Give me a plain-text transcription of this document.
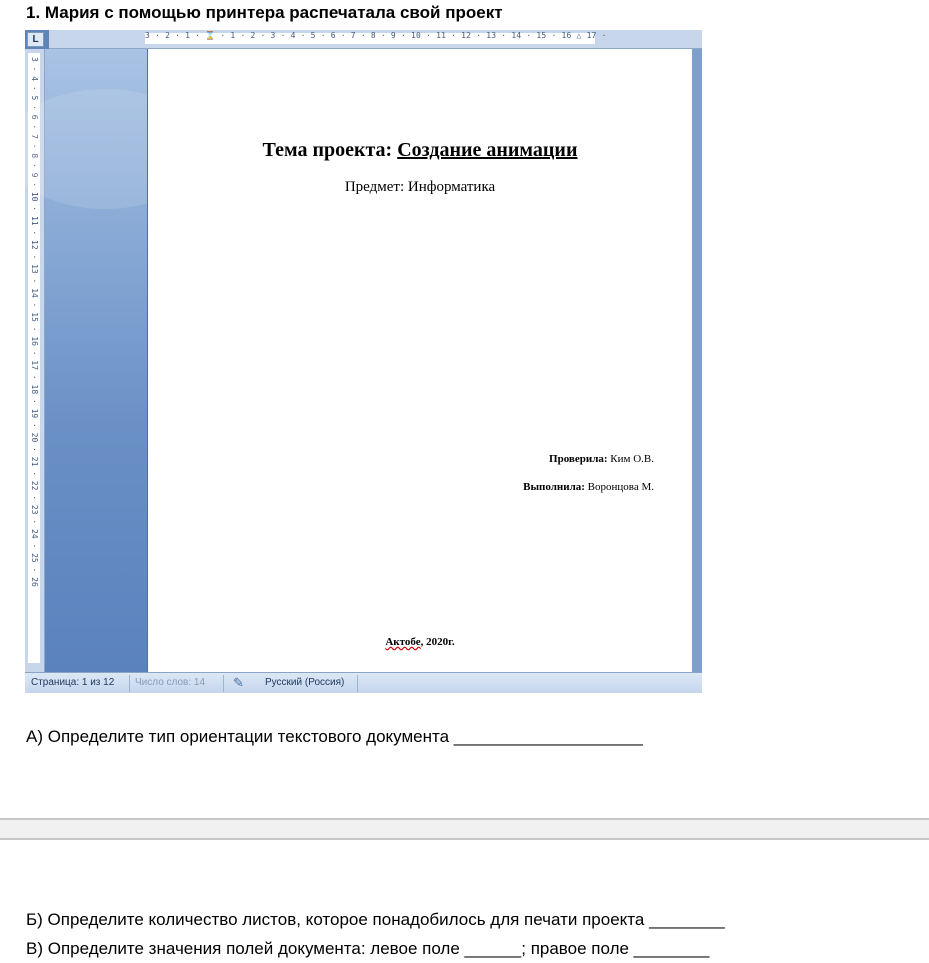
1. Мария с помощью принтера распечатала свой проект
L	3 · 2 · 1 · ⌛ · 1 · 2 · 3 · 4 · 5 · 6 · 7 · 8 · 9 · 10 · 11 · 12 · 13 · 14 · 15 · 16 △ 17 ·
3 · 4 · 5 · 6 · 7 · 8 · 9 · 10 · 11 · 12 · 13 · 14 · 15 · 16 · 17 · 18 · 19 · 20 · 21 · 22 · 23 · 24 · 25 · 26	Тема проекта: Создание анимации
Предмет: Информатика
Проверила: Ким О.В.
Выполнила: Воронцова М.
Актобе, 2020г.
Страница: 1 из 12 Число слов: 14 ✎ Русский (Россия)
А) Определите тип ориентации текстового документа ____________________
Б) Определите количество листов, которое понадобилось для печати проекта ________
В) Определите значения полей документа: левое поле ______; правое поле ________
